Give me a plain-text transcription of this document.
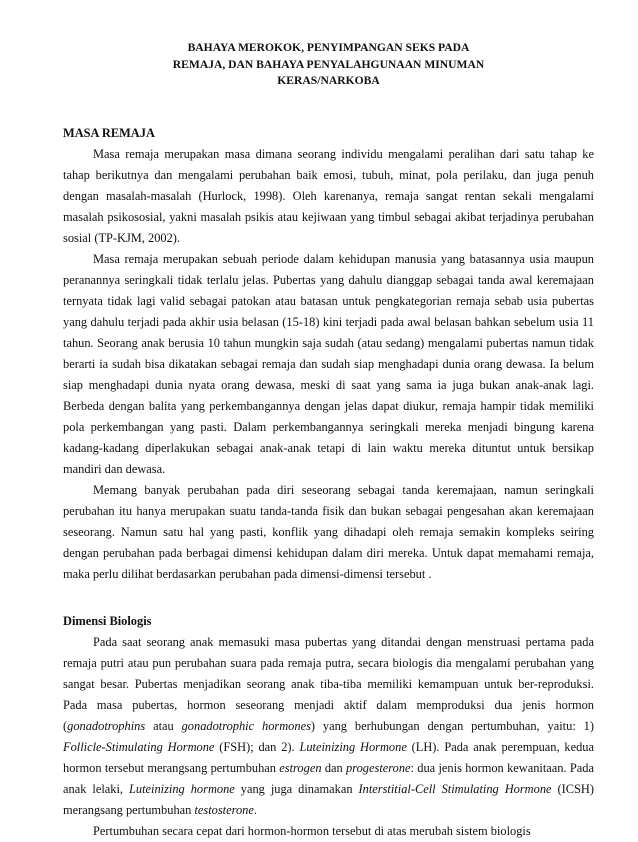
BAHAYA MEROKOK, PENYIMPANGAN SEKS PADA
REMAJA, DAN BAHAYA PENYALAHGUNAAN MINUMAN
KERAS/NARKOBA
MASA REMAJA

Masa remaja merupakan masa dimana seorang individu mengalami peralihan dari satu tahap ke tahap berikutnya dan mengalami perubahan baik emosi, tubuh, minat, pola perilaku, dan juga penuh dengan masalah-masalah (Hurlock, 1998). Oleh karenanya, remaja sangat rentan sekali mengalami masalah psikososial, yakni masalah psikis atau kejiwaan yang timbul sebagai akibat terjadinya perubahan sosial (TP-KJM, 2002).

Masa remaja merupakan sebuah periode dalam kehidupan manusia yang batasannya usia maupun peranannya seringkali tidak terlalu jelas. Pubertas yang dahulu dianggap sebagai tanda awal keremajaan ternyata tidak lagi valid sebagai patokan atau batasan untuk pengkategorian remaja sebab usia pubertas yang dahulu terjadi pada akhir usia belasan (15-18) kini terjadi pada awal belasan bahkan sebelum usia 11 tahun. Seorang anak berusia 10 tahun mungkin saja sudah (atau sedang) mengalami pubertas namun tidak berarti ia sudah bisa dikatakan sebagai remaja dan sudah siap menghadapi dunia orang dewasa. Ia belum siap menghadapi dunia nyata orang dewasa, meski di saat yang sama ia juga bukan anak-anak lagi. Berbeda dengan balita yang perkembangannya dengan jelas dapat diukur, remaja hampir tidak memiliki pola perkembangan yang pasti. Dalam perkembangannya seringkali mereka menjadi bingung karena kadang-kadang diperlakukan sebagai anak-anak tetapi di lain waktu mereka dituntut untuk bersikap mandiri dan dewasa.

Memang banyak perubahan pada diri seseorang sebagai tanda keremajaan, namun seringkali perubahan itu hanya merupakan suatu tanda-tanda fisik dan bukan sebagai pengesahan akan keremajaan seseorang. Namun satu hal yang pasti, konflik yang dihadapi oleh remaja semakin kompleks seiring dengan perubahan pada berbagai dimensi kehidupan dalam diri mereka. Untuk dapat memahami remaja, maka perlu dilihat berdasarkan perubahan pada dimensi-dimensi tersebut .

Dimensi Biologis

Pada saat seorang anak memasuki masa pubertas yang ditandai dengan menstruasi pertama pada remaja putri atau pun perubahan suara pada remaja putra, secara biologis dia mengalami perubahan yang sangat besar. Pubertas menjadikan seorang anak tiba-tiba memiliki kemampuan untuk ber-reproduksi. Pada masa pubertas, hormon seseorang menjadi aktif dalam memproduksi dua jenis hormon (gonadotrophins atau gonadotrophic hormones) yang berhubungan dengan pertumbuhan, yaitu: 1) Follicle-Stimulating Hormone (FSH); dan 2). Luteinizing Hormone (LH). Pada anak perempuan, kedua hormon tersebut merangsang pertumbuhan estrogen dan progesterone: dua jenis hormon kewanitaan. Pada anak lelaki, Luteinizing hormone yang juga dinamakan Interstitial-Cell Stimulating Hormone (ICSH) merangsang pertumbuhan testosterone.

Pertumbuhan secara cepat dari hormon-hormon tersebut di atas merubah sistem biologis
